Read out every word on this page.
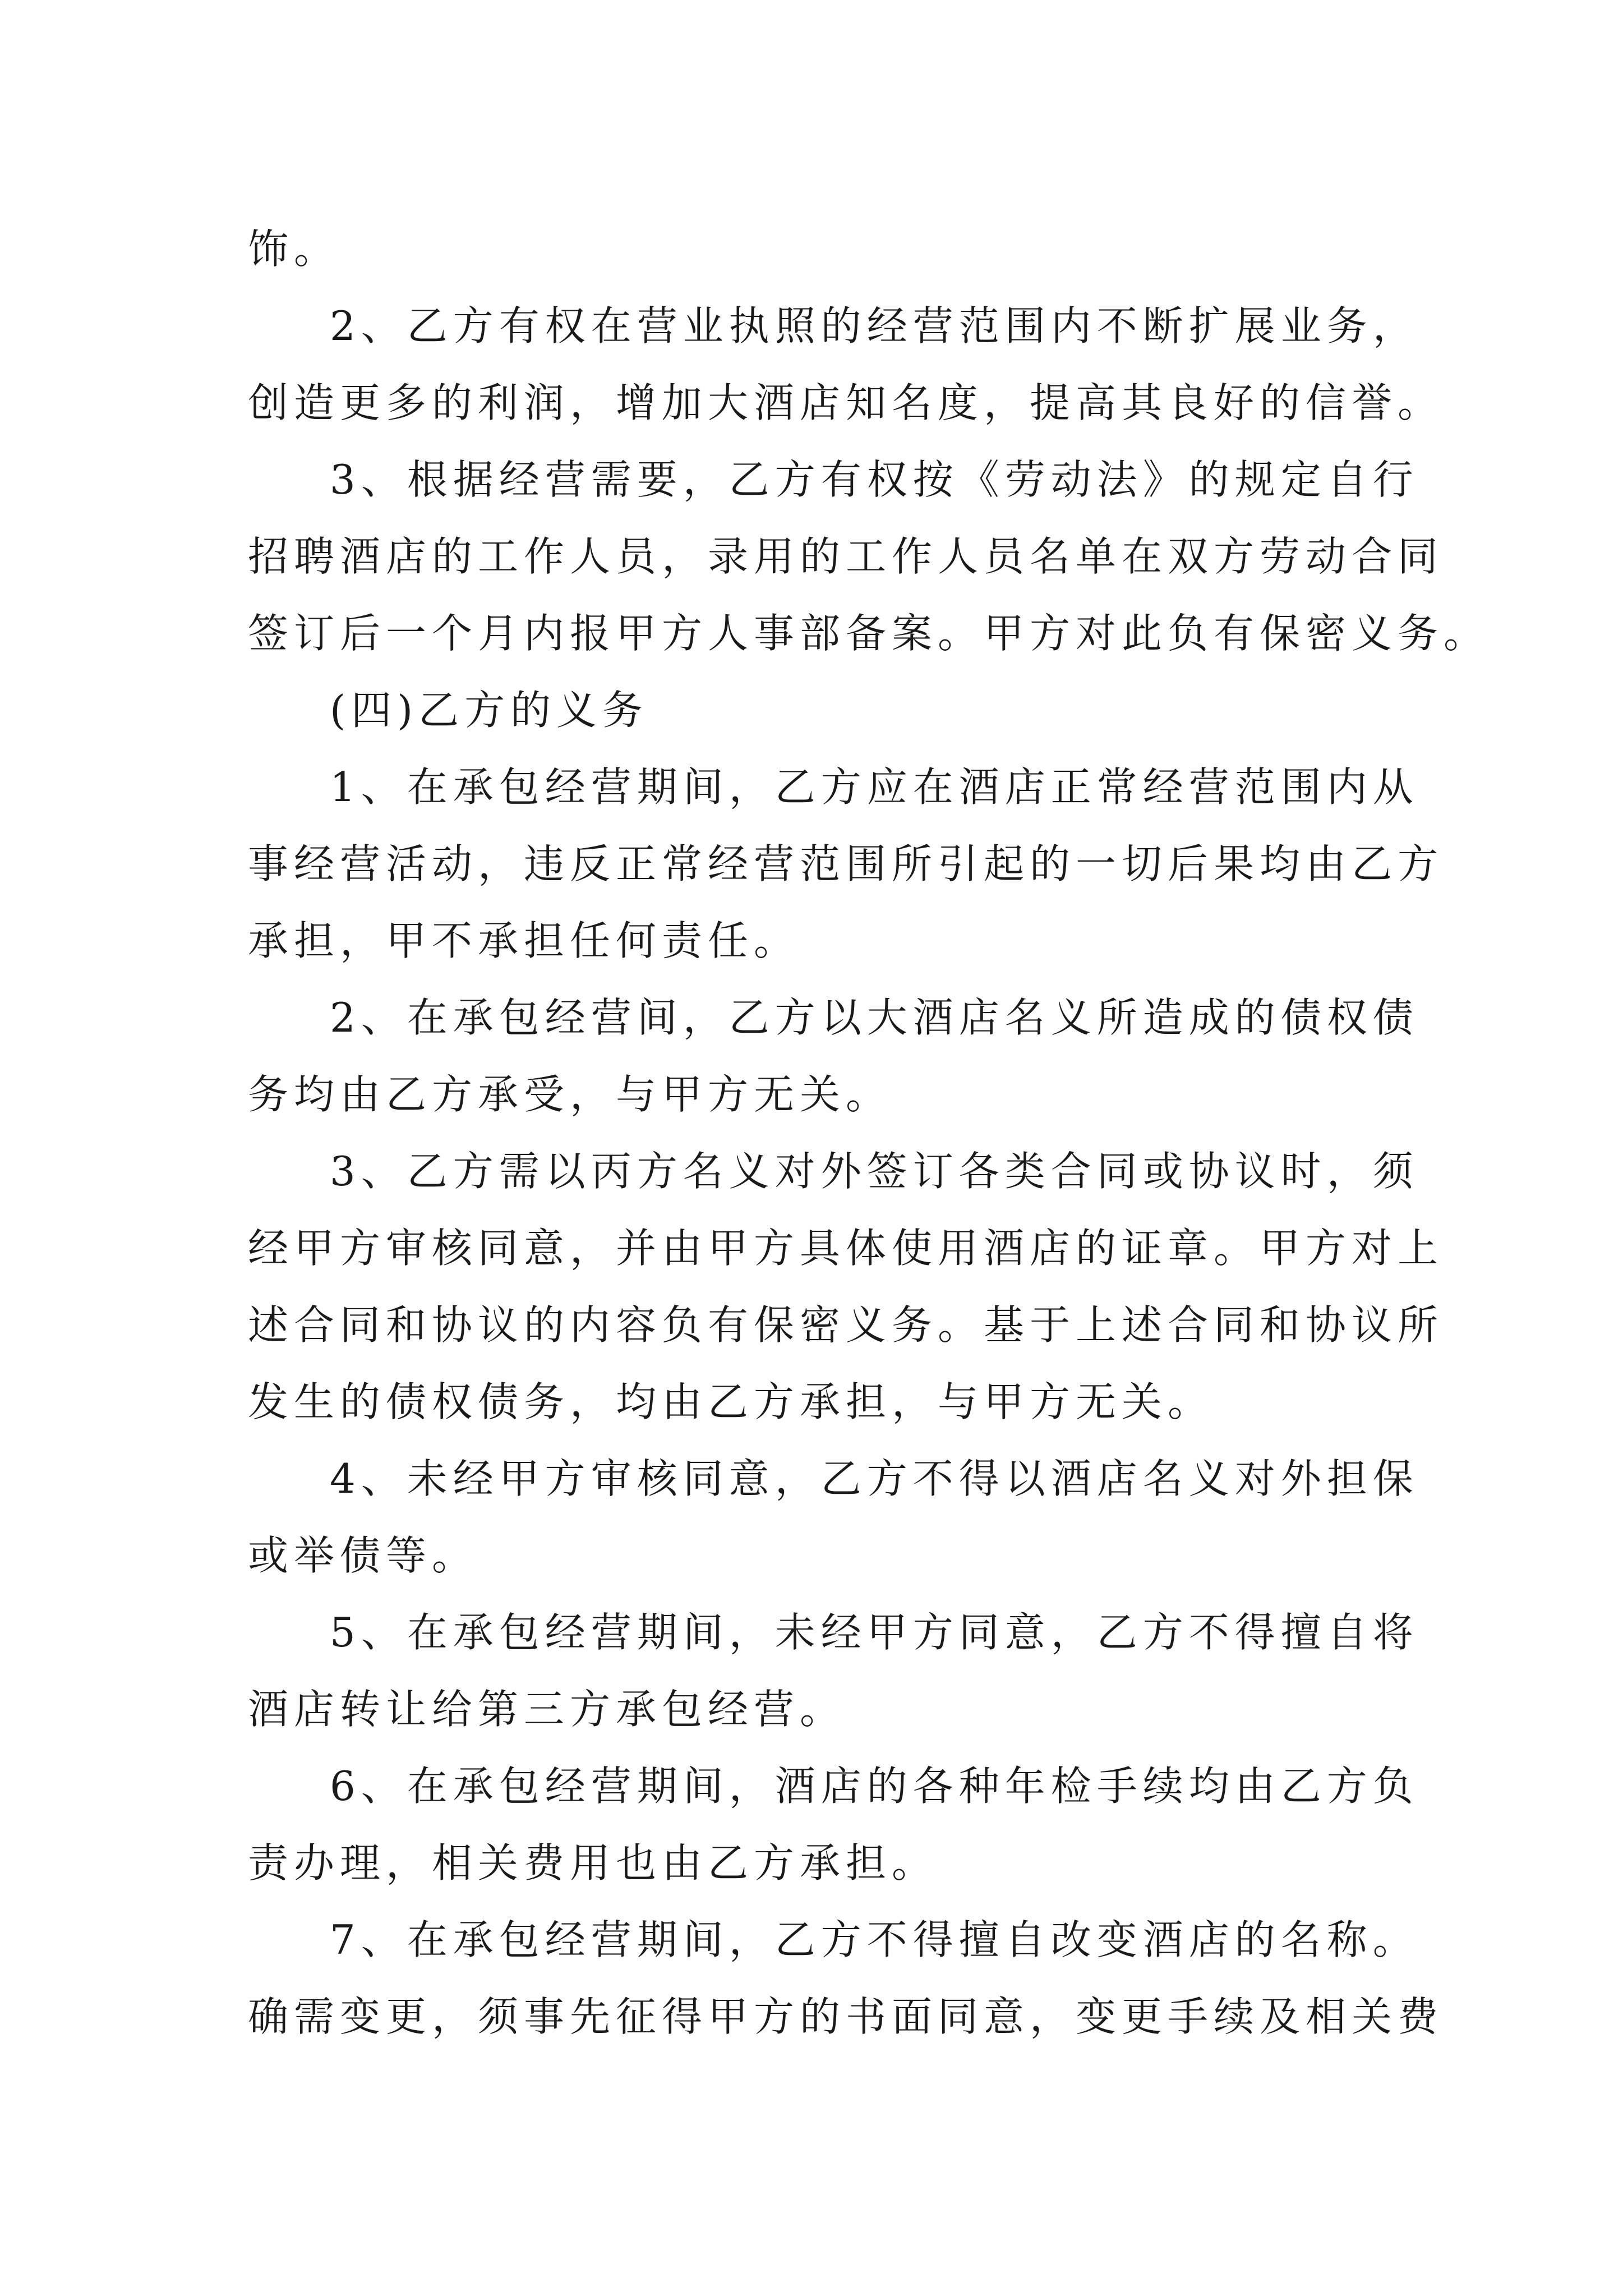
饰。
2、乙方有权在营业执照的经营范围内不断扩展业务，
创造更多的利润，增加大酒店知名度，提高其良好的信誉。
3、根据经营需要，乙方有权按《劳动法》的规定自行
招聘酒店的工作人员，录用的工作人员名单在双方劳动合同
签订后一个月内报甲方人事部备案。甲方对此负有保密义务。
(四)乙方的义务
1、在承包经营期间，乙方应在酒店正常经营范围内从
事经营活动，违反正常经营范围所引起的一切后果均由乙方
承担，甲不承担任何责任。
2、在承包经营间，乙方以大酒店名义所造成的债权债
务均由乙方承受，与甲方无关。
3、乙方需以丙方名义对外签订各类合同或协议时，须
经甲方审核同意，并由甲方具体使用酒店的证章。甲方对上
述合同和协议的内容负有保密义务。基于上述合同和协议所
发生的债权债务，均由乙方承担，与甲方无关。
4、未经甲方审核同意，乙方不得以酒店名义对外担保
或举债等。
5、在承包经营期间，未经甲方同意，乙方不得擅自将
酒店转让给第三方承包经营。
6、在承包经营期间，酒店的各种年检手续均由乙方负
责办理，相关费用也由乙方承担。
7、在承包经营期间，乙方不得擅自改变酒店的名称。
确需变更，须事先征得甲方的书面同意，变更手续及相关费
